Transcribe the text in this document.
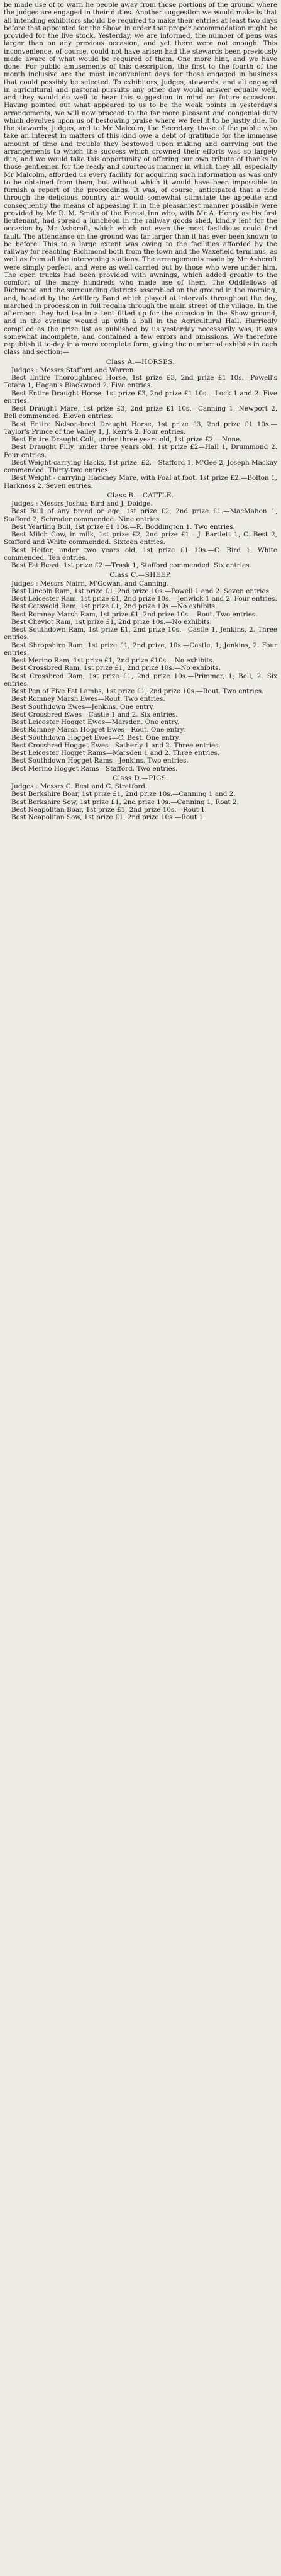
be made use of to warn he people away from those portions of the ground where the judges are engaged in their duties. Another suggestion we would make is that all intending exhibitors should be required to make their entries at least two days before that appointed for the Show, in order that proper accommodation might be provided for the live stock. Yesterday, we are informed, the number of pens was larger than on any previous occasion, and yet there were not enough. This inconvenience, of course, could not have arisen had the stewards been previously made aware of what would be required of them. One more hint, and we have done. For public amusements of this description, the first to the fourth of the month inclusive are the most inconvenient days for those engaged in business that could possibly be selected. To exhibitors, judges, stewards, and all engaged in agricultural and pastoral pursuits any other day would answer equally well, and they would do well to bear this suggestion in mind on future occasions. Having pointed out what appeared to us to be the weak points in yesterday's arrangements, we will now proceed to the far more pleasant and congenial duty which devolves upon us of bestowing praise where we feel it to be justly due. To the stewards, judges, and to Mr Malcolm, the Secretary, those of the public who take an interest in matters of this kind owe a debt of gratitude for the immense amount of time and trouble they bestowed upon making and carrying out the arrangements to which the success which crowned their efforts was so largely due, and we would take this opportunity of offering our own tribute of thanks to those gentlemen for the ready and courteous manner in which they all, especially Mr Malcolm, afforded us every facility for acquiring such information as was only to be obtained from them, but without which it would have been impossible to furnish a report of the proceedings. It was, of course, anticipated that a ride through the delicious country air would somewhat stimulate the appetite and consequently the means of appeasing it in the pleasantest manner possible were provided by Mr R. M. Smith of the Forest Inn who, with Mr A. Henry as his first lieutenant, had spread a luncheon in the railway goods shed, kindly lent for the occasion by Mr Ashcroft, which which not even the most fastidious could find fault. The attendance on the ground was far larger than it has ever been known to be before. This to a large extent was owing to the facilities afforded by the railway for reaching Richmond both from the town and the Waxefield terminus, as well as from all the intervening stations. The arrangements made by Mr Ashcroft were simply perfect, and were as well carried out by those who were under him. The open trucks had been provided with awnings, which added greatly to the comfort of the many hundreds who made use of them. The Oddfellows of Richmond and the surrounding districts assembled on the ground in the morning, and, headed by the Artillery Band which played at intervals throughout the day, marched in procession in full regalia through the main street of the village. In the afternoon they had tea in a tent fitted up for the occasion in the Show ground, and in the evening wound up with a ball in the Agricultural Hall. Hurriedly compiled as the prize list as published by us yesterday necessarily was, it was somewhat incomplete, and contained a few errors and omissions. We therefore republish it to-day in a more complete form, giving the number of exhibits in each class and section:—

Class A.—HORSES.

Judges : Messrs Stafford and Warren.

Best Entire Thoroughbred Horse, 1st prize £3, 2nd prize £1 10s.—Powell's Totara 1, Hagan's Blackwood 2. Five entries.

Best Entire Draught Horse, 1st prize £3, 2nd prize £1 10s.—Lock 1 and 2. Five entries.

Best Draught Mare, 1st prize £3, 2nd prize £1 10s.—Canning 1, Newport 2, Bell commended. Eleven entries.

Best Entire Nelson-bred Draught Horse, 1st prize £3, 2nd prize £1 10s.—Taylor's Prince of the Valley 1, J. Kerr's 2. Four entries.

Best Entire Draught Colt, under three years old, 1st prize £2.—None.

Best Draught Filly, under three years old, 1st prize £2—Hall 1, Drummond 2. Four entries.

Best Weight-carrying Hacks, 1st prize, £2.—Stafford 1, M'Gee 2, Joseph Mackay commended. Thirty-two entries.

Best Weight - carrying Hackney Mare, with Foal at foot, 1st prize £2.—Bolton 1, Harkness 2. Seven entries.

Class B.—CATTLE.

Judges : Messrs Joshua Bird and J. Doidge.

Best Bull of any breed or age, 1st prize £2, 2nd prize £1.—MacMahon 1, Stafford 2, Schroder commended. Nine entries.

Best Yearling Bull, 1st prize £1 10s.—R. Boddington 1. Two entries.

Best Milch Cow, in milk, 1st prize £2, 2nd prize £1.—J. Bartlett 1, C. Best 2, Stafford and White commended. Sixteen entries.

Best Heifer, under two years old, 1st prize £1 10s.—C. Bird 1, White commended. Ten entries.

Best Fat Beast, 1st prize £2.—Trask 1, Stafford commended. Six entries.

Class C.—SHEEP.

Judges : Messrs Nairn, M'Gowan, and Canning.

Best Lincoln Ram, 1st prize £1, 2nd prize 10s.—Powell 1 and 2. Seven entries.

Best Leicester Ram, 1st prize £1, 2nd prize 10s.—Jenwick 1 and 2. Four entries.

Best Cotswold Ram, 1st prize £1, 2nd prize 10s.—No exhibits.

Best Romney Marsh Ram, 1st prize £1, 2nd prize 10s.—Rout. Two entries.

Best Cheviot Ram, 1st prize £1, 2nd prize 10s.—No exhibits.

Best Southdown Ram, 1st prize £1, 2nd prize 10s.—Castle 1, Jenkins, 2. Three entries.

Best Shropshire Ram, 1st prize £1, 2nd prize, 10s.—Castle, 1; Jenkins, 2. Four entries.

Best Merino Ram, 1st prize £1, 2nd prize £10s.—No exhibits.

Best Crossbred Ram, 1st prize £1, 2nd prize 10s.—No exhibits.

Best Crossbred Ram, 1st prize £1, 2nd prize 10s.—Primmer, 1; Bell, 2. Six entries.

Best Pen of Five Fat Lambs, 1st prize £1, 2nd prize 10s.—Rout. Two entries.

Best Romney Marsh Ewes—Rout. Two entries.

Best Southdown Ewes—Jenkins. One entry.

Best Crossbred Ewes—Castle 1 and 2. Six entries.

Best Leicester Hogget Ewes—Marsden. One entry.

Best Romney Marsh Hogget Ewes—Rout. One entry.

Best Southdown Hogget Ewes—C. Best. One entry.

Best Crossbred Hogget Ewes—Satherly 1 and 2. Three entries.

Best Leicester Hogget Rams—Marsden 1 and 2. Three entries.

Best Southdown Hogget Rams—Jenkins. Two entries.

Best Merino Hogget Rams—Stafford. Two entries.

Class D.—PIGS.

Judges : Messrs C. Best and C. Stratford.

Best Berkshire Boar, 1st prize £1, 2nd prize 10s.—Canning 1 and 2.

Best Berkshire Sow, 1st prize £1, 2nd prize 10s.—Canning 1, Roat 2.

Best Neapolitan Boar, 1st prize £1, 2nd prize 10s.—Rout 1.

Best Neapolitan Sow, 1st prize £1, 2nd prize 10s.—Rout 1.
